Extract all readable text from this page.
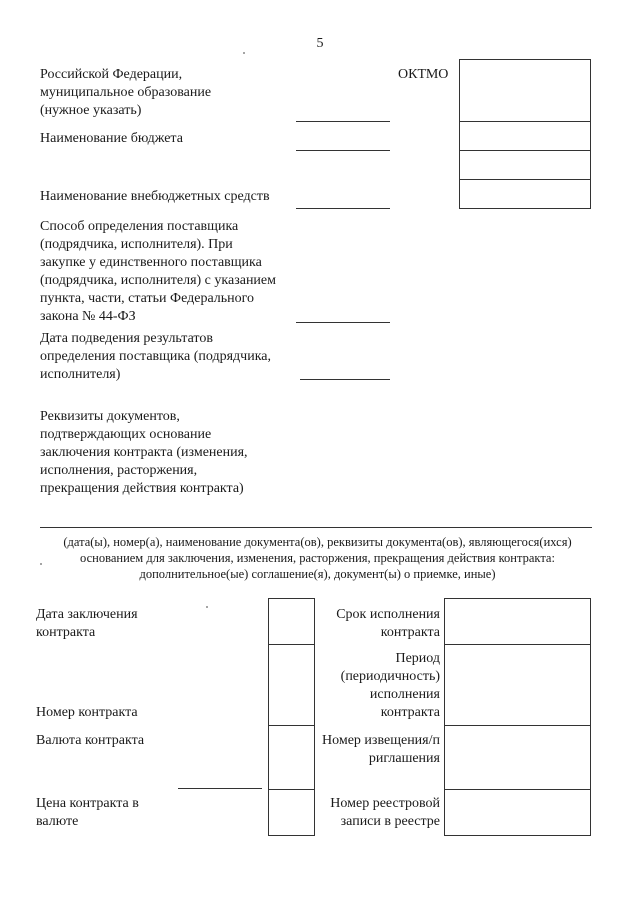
5
Российской Федерации, муниципальное образование (нужное указать)
Наименование бюджета
Наименование внебюджетных средств
Способ определения поставщика (подрядчика, исполнителя). При закупке у единственного поставщика (подрядчика, исполнителя) с указанием пункта, части, статьи Федерального закона № 44-ФЗ
Дата подведения результатов определения поставщика (подрядчика, исполнителя)
Реквизиты документов, подтверждающих основание заключения контракта (изменения, исполнения, расторжения, прекращения действия контракта)
ОКТМО
(дата(ы), номер(а), наименование документа(ов), реквизиты документа(ов), являющегося(ихся) основанием для заключения, изменения, расторжения, прекращения действия контракта: дополнительное(ые) соглашение(я), документ(ы) о приемке, иные)
Дата заключения контракта
Номер контракта
Валюта контракта
Цена контракта в валюте
Срок исполнения контракта
Период (периодичность) исполнения контракта
Номер извещения/приглашения
Номер реестровой записи в реестре
